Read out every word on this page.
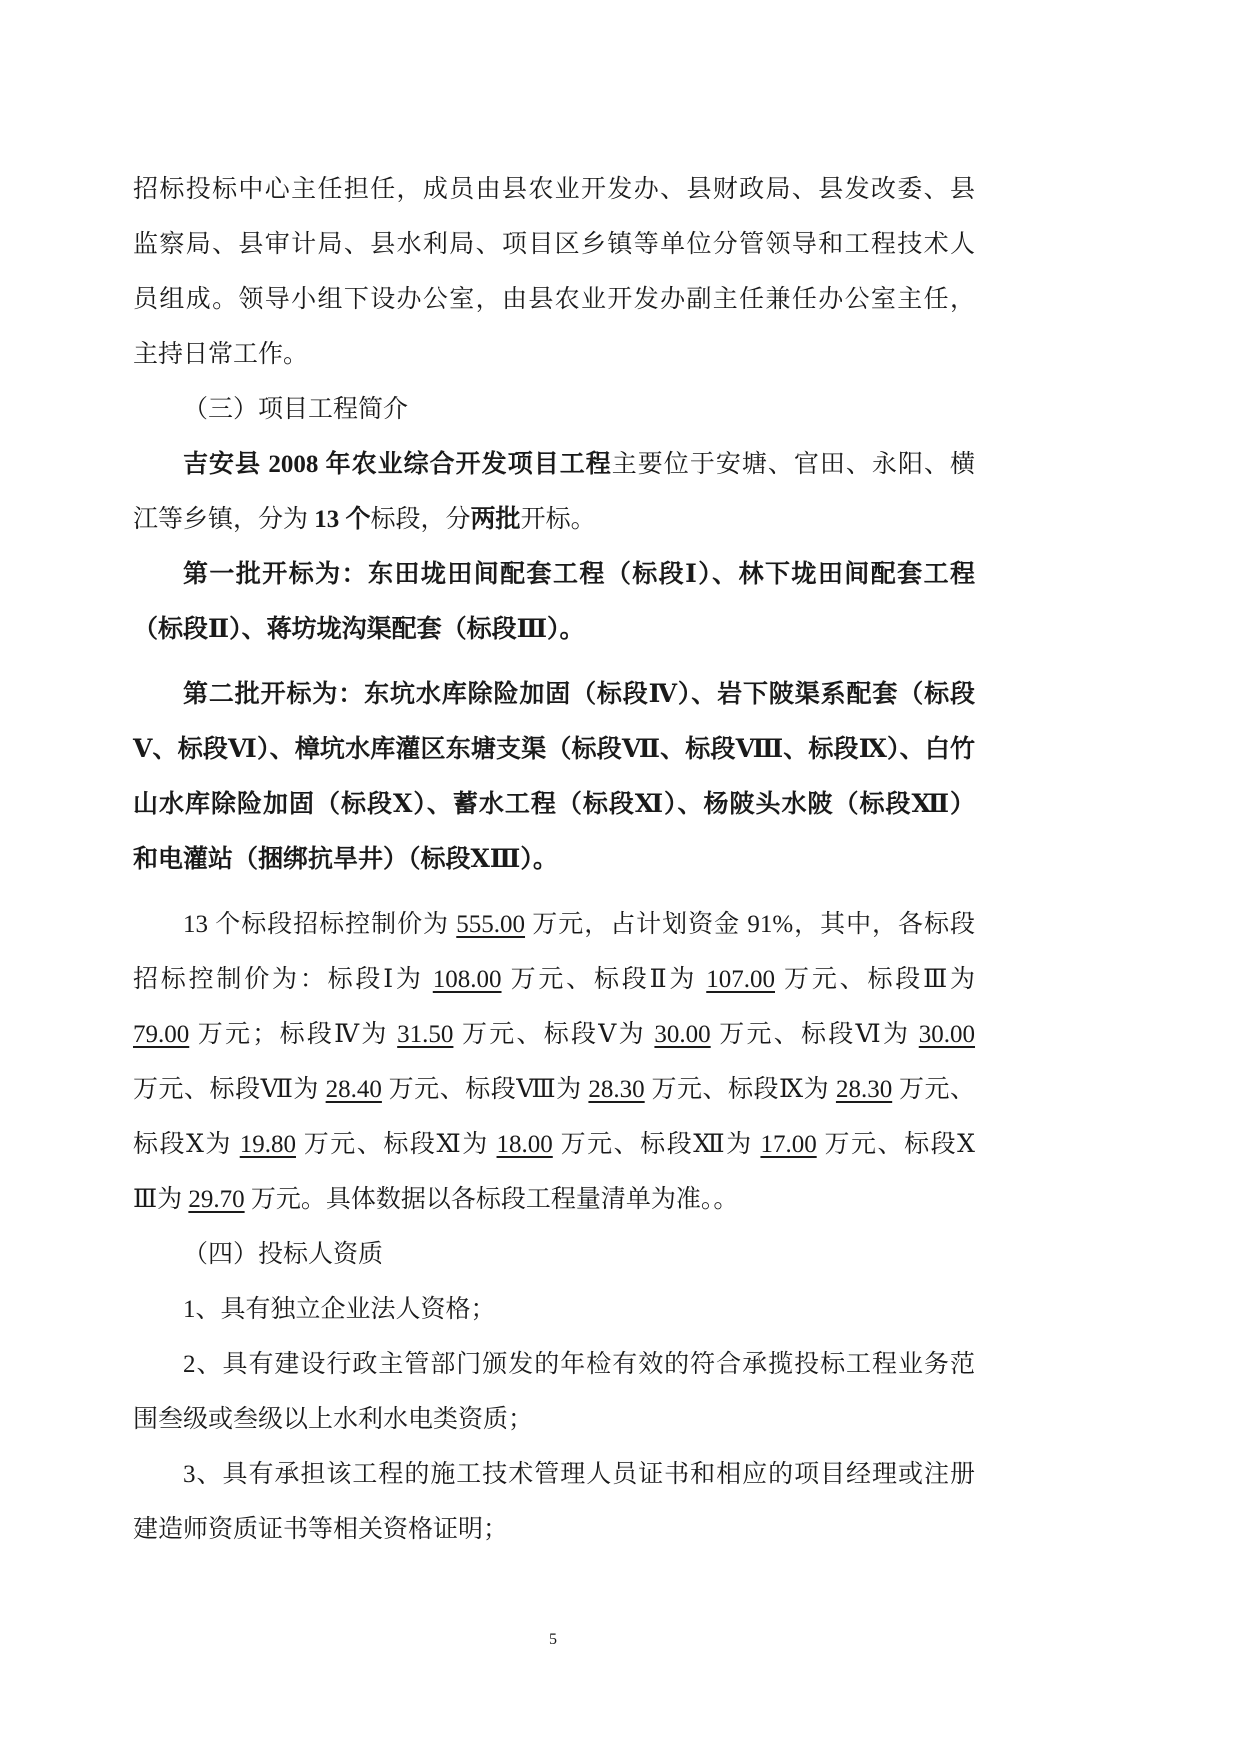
招标投标中心主任担任，成员由县农业开发办、县财政局、县发改委、县
监察局、县审计局、县水利局、项目区乡镇等单位分管领导和工程技术人
员组成。领导小组下设办公室，由县农业开发办副主任兼任办公室主任，
主持日常工作。
（三）项目工程简介
吉安县 2008 年农业综合开发项目工程主要位于安塘、官田、永阳、横
江等乡镇，分为 13 个标段，分两批开标。
第一批开标为：东田垅田间配套工程（标段Ⅰ）、林下垅田间配套工程
（标段Ⅱ）、蒋坊垅沟渠配套（标段Ⅲ）。
第二批开标为：东坑水库除险加固（标段Ⅳ）、岩下陂渠系配套（标段
Ⅴ、标段Ⅵ）、樟坑水库灌区东塘支渠（标段Ⅶ、标段Ⅷ、标段Ⅸ）、白竹
山水库除险加固（标段Ⅹ）、蓄水工程（标段Ⅺ）、杨陂头水陂（标段Ⅻ）
和电灌站（捆绑抗旱井）（标段ⅩⅢ）。
13 个标段招标控制价为 555.00 万元，占计划资金 91%，其中，各标段
招标控制价为：标段Ⅰ为 108.00 万元、标段Ⅱ为 107.00 万元、标段Ⅲ为
79.00 万元；标段Ⅳ为 31.50 万元、标段Ⅴ为 30.00 万元、标段Ⅵ为 30.00
万元、标段Ⅶ为 28.40 万元、标段Ⅷ为 28.30 万元、标段Ⅸ为 28.30 万元、
标段Ⅹ为 19.80 万元、标段Ⅺ为 18.00 万元、标段Ⅻ为 17.00 万元、标段Ⅹ
Ⅲ为 29.70 万元。具体数据以各标段工程量清单为准。。
（四）投标人资质
1、具有独立企业法人资格；
2、具有建设行政主管部门颁发的年检有效的符合承揽投标工程业务范
围叁级或叁级以上水利水电类资质；
3、具有承担该工程的施工技术管理人员证书和相应的项目经理或注册
建造师资质证书等相关资格证明；
5
